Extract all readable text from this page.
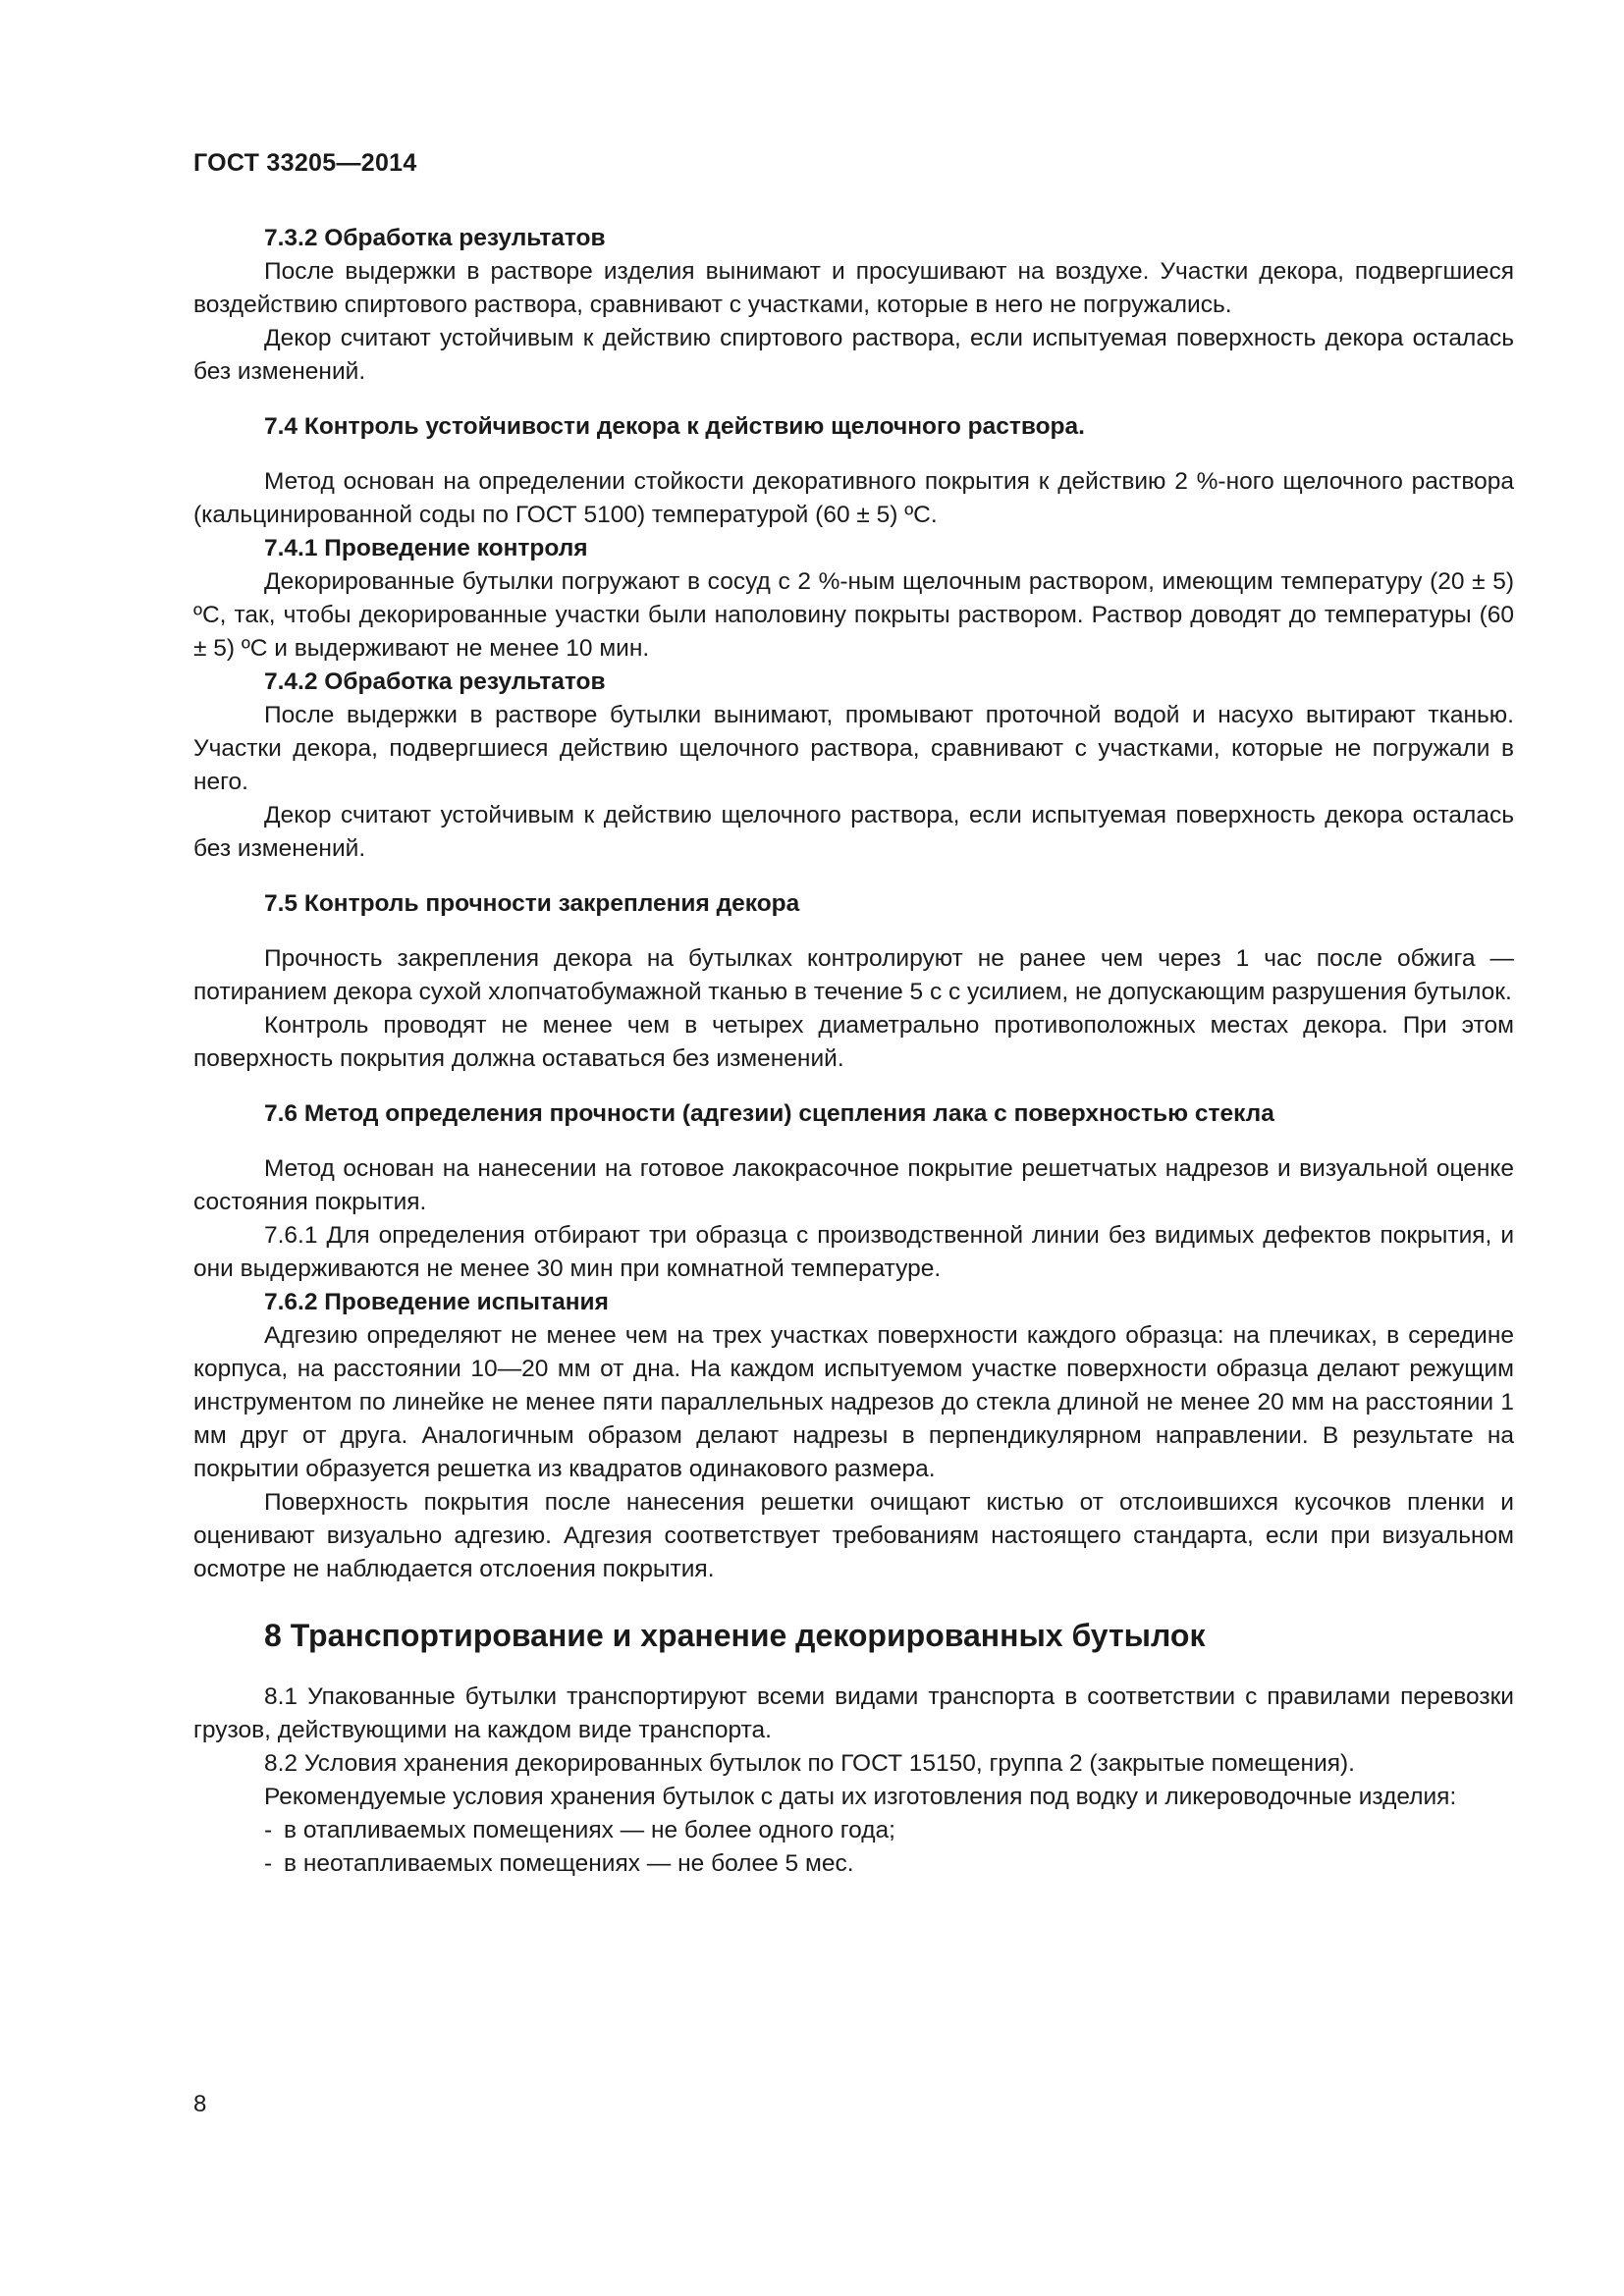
ГОСТ 33205—2014
7.3.2 Обработка результатов

После выдержки в растворе изделия вынимают и просушивают на воздухе. Участки декора, подвергшиеся воздействию спиртового раствора, сравнивают с участками, которые в него не погружались.

Декор считают устойчивым к действию спиртового раствора, если испытуемая поверхность декора осталась без изменений.

7.4 Контроль устойчивости декора к действию щелочного раствора.

Метод основан на определении стойкости декоративного покрытия к действию 2 %-ного щелочного раствора (кальцинированной соды по ГОСТ 5100) температурой (60 ± 5) ºС.

7.4.1 Проведение контроля

Декорированные бутылки погружают в сосуд с 2 %-ным щелочным раствором, имеющим температуру (20 ± 5) ºС, так, чтобы декорированные участки были наполовину покрыты раствором. Раствор доводят до температуры (60 ± 5) ºС и выдерживают не менее 10 мин.

7.4.2 Обработка результатов

После выдержки в растворе бутылки вынимают, промывают проточной водой и насухо вытирают тканью. Участки декора, подвергшиеся действию щелочного раствора, сравнивают с участками, которые не погружали в него.

Декор считают устойчивым к действию щелочного раствора, если испытуемая поверхность декора осталась без изменений.

7.5 Контроль прочности закрепления декора

Прочность закрепления декора на бутылках контролируют не ранее чем через 1 час после обжига — потиранием декора сухой хлопчатобумажной тканью в течение 5 с с усилием, не допускающим разрушения бутылок.

Контроль проводят не менее чем в четырех диаметрально противоположных местах декора. При этом поверхность покрытия должна оставаться без изменений.

7.6 Метод определения прочности (адгезии) сцепления лака с поверхностью стекла

Метод основан на нанесении на готовое лакокрасочное покрытие решетчатых надрезов и визуальной оценке состояния покрытия.

7.6.1 Для определения отбирают три образца с производственной линии без видимых дефектов покрытия, и они выдерживаются не менее 30 мин при комнатной температуре.

7.6.2 Проведение испытания

Адгезию определяют не менее чем на трех участках поверхности каждого образца: на плечиках, в середине корпуса, на расстоянии 10—20 мм от дна. На каждом испытуемом участке поверхности образца делают режущим инструментом по линейке не менее пяти параллельных надрезов до стекла длиной не менее 20 мм на расстоянии 1 мм друг от друга. Аналогичным образом делают надрезы в перпендикулярном направлении. В результате на покрытии образуется решетка из квадратов одинакового размера.

Поверхность покрытия после нанесения решетки очищают кистью от отслоившихся кусочков пленки и оценивают визуально адгезию. Адгезия соответствует требованиям настоящего стандарта, если при визуальном осмотре не наблюдается отслоения покрытия.

8 Транспортирование и хранение декорированных бутылок

8.1 Упакованные бутылки транспортируют всеми видами транспорта в соответствии с правилами перевозки грузов, действующими на каждом виде транспорта.

8.2 Условия хранения декорированных бутылок по ГОСТ 15150, группа 2 (закрытые помещения).

Рекомендуемые условия хранения бутылок с даты их изготовления под водку и ликероводочные изделия:

- в отапливаемых помещениях — не более одного года;
- в неотапливаемых помещениях — не более 5 мес.
8
